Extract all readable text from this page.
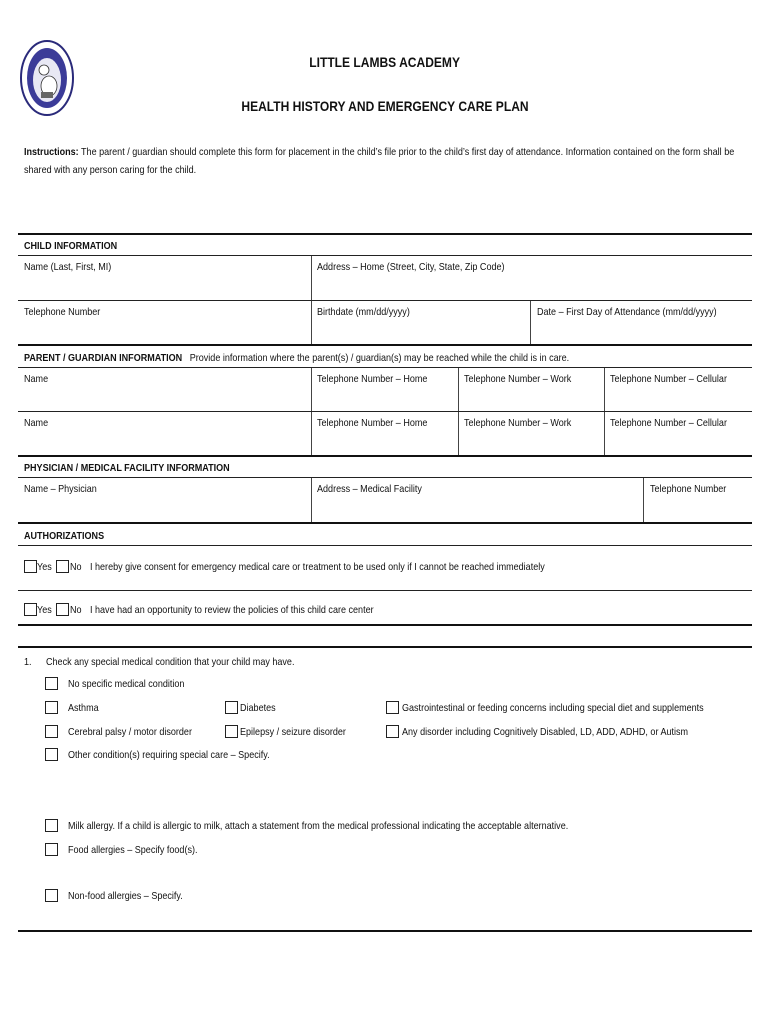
LITTLE LAMBS ACADEMY
HEALTH HISTORY AND EMERGENCY CARE PLAN
Instructions: The parent / guardian should complete this form for placement in the child’s file prior to the child’s first day of attendance. Information contained on the form shall be shared with any person caring for the child.
CHILD INFORMATION
Name (Last, First, MI)	Address – Home (Street, City, State, Zip Code)
Telephone Number	Birthdate (mm/dd/yyyy)	Date – First Day of Attendance (mm/dd/yyyy)
PARENT / GUARDIAN INFORMATION Provide information where the parent(s) / guardian(s) may be reached while the child is in care.
Name	Telephone Number – Home	Telephone Number – Work	Telephone Number – Cellular
Name	Telephone Number – Home	Telephone Number – Work	Telephone Number – Cellular
PHYSICIAN / MEDICAL FACILITY INFORMATION
Name – Physician	Address – Medical Facility	Telephone Number
AUTHORIZATIONS
Yes No I hereby give consent for emergency medical care or treatment to be used only if I cannot be reached immediately
Yes No I have had an opportunity to review the policies of this child care center
1. Check any special medical condition that your child may have.
No specific medical condition
Asthma	Diabetes	Gastrointestinal or feeding concerns including special diet and supplements
Cerebral palsy / motor disorder	Epilepsy / seizure disorder	Any disorder including Cognitively Disabled, LD, ADD, ADHD, or Autism
Other condition(s) requiring special care – Specify.
Milk allergy. If a child is allergic to milk, attach a statement from the medical professional indicating the acceptable alternative.
Food allergies – Specify food(s).
Non-food allergies – Specify.
